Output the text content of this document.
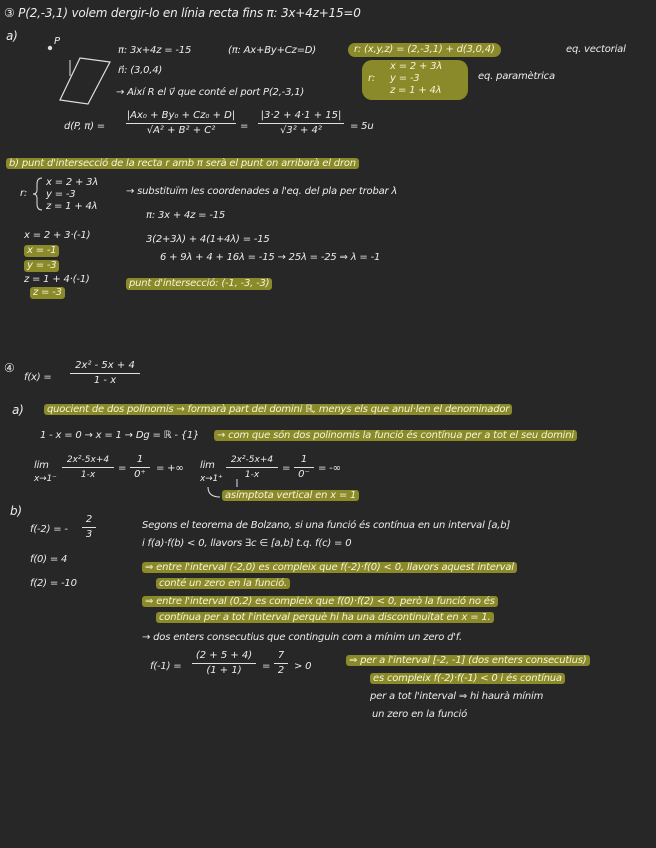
③ P(2,-3,1) volem dergir-lo en línia recta fins π: 3x+4z+15=0
a)	P
π: 3x+4z = -15	(π: Ax+By+Cz=D)	r: (x,y,z) = (2,-3,1) + d(3,0,4)	eq. vectorial
n⃗: (3,0,4)
r:
x = 2 + 3λ
y = -3
z = 1 + 4λ
eq. paramètrica
→ Així R el v⃗ que conté el port P(2,-3,1)
d(P, π) =
|Ax₀ + By₀ + Cz₀ + D|
√A² + B² + C²	=
|3·2 + 4·1 + 15|
√3² + 4²	= 5u
b) punt d'intersecció de la recta r amb π serà el punt on arribarà el dron
r:
x = 2 + 3λ
y = -3
z = 1 + 4λ
→ substituïm les coordenades a l'eq. del pla per trobar λ
π: 3x + 4z = -15
3(2+3λ) + 4(1+4λ) = -15
6 + 9λ + 4 + 16λ = -15 → 25λ = -25 ⇒ λ = -1
x = 2 + 3·(-1)
x = -1
y = -3
z = 1 + 4·(-1)
z = -3
punt d'intersecció: (-1, -3, -3)
④
f(x) =
2x² - 5x + 4
1 - x
a)	quocient de dos polinomis → formarà part del domini ℝ, menys els que anul·len el denominador
1 - x = 0 → x = 1 → Dg = ℝ - {1}	→ com que són dos polinomis la funció és contínua per a tot el seu domini
lim
x→1⁻
2x²-5x+4
1-x
=
1
0⁺
= +∞ lim
x→1⁺
2x²-5x+4
1-x
=
1
0⁻
= -∞
asímptota vertical en x = 1
b)
f(-2) = -
2
3
f(0) = 4
f(2) = -10
Segons el teorema de Bolzano, si una funció és contínua en un interval [a,b]
i f(a)·f(b) < 0, llavors ∃c ∈ [a,b] t.q. f(c) = 0
⇒ entre l'interval (-2,0) es compleix que f(-2)·f(0) < 0, llavors aquest interval
conté un zero en la funció.
⇒ entre l'interval (0,2) es compleix que f(0)·f(2) < 0, però la funció no és
contínua per a tot l'interval perquè hi ha una discontinuïtat en x = 1.
→ dos enters consecutius que continguin com a mínim un zero d'f.
f(-1) =
(2 + 5 + 4)
(1 + 1)	=
7
2 > 0
⇒ per a l'interval [-2, -1] (dos enters consecutius)
es compleix f(-2)·f(-1) < 0 i és contínua
per a tot l'interval ⇒ hi haurà mínim
un zero en la funció
